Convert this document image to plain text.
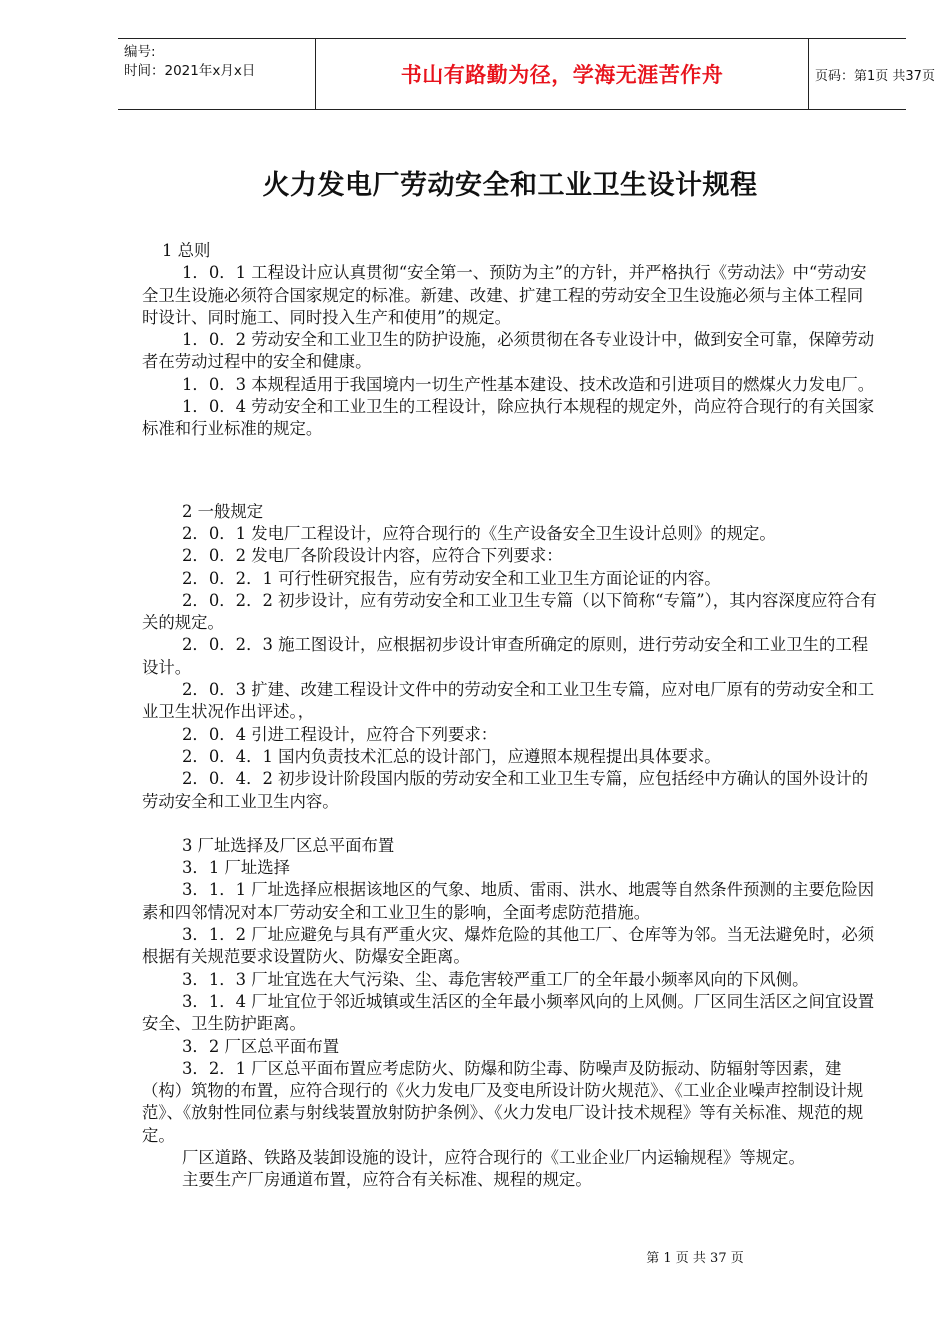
编号:
时间：2021年x月x日	书山有路勤为径，学海无涯苦作舟	页码：第1页 共37页
火力发电厂劳动安全和工业卫生设计规程

1 总则

1．0．1 工程设计应认真贯彻“安全第一、预防为主”的方针，并严格执行《劳动法》中“劳动安全卫生设施必须符合国家规定的标准。新建、改建、扩建工程的劳动安全卫生设施必须与主体工程同时设计、同时施工、同时投入生产和使用”的规定。

1．0．2 劳动安全和工业卫生的防护设施，必须贯彻在各专业设计中，做到安全可靠，保障劳动者在劳动过程中的安全和健康。

1．0．3 本规程适用于我国境内一切生产性基本建设、技术改造和引进项目的燃煤火力发电厂。

1．0．4 劳动安全和工业卫生的工程设计，除应执行本规程的规定外，尚应符合现行的有关国家标准和行业标准的规定。

2 一般规定

2．0．1 发电厂工程设计，应符合现行的《生产设备安全卫生设计总则》的规定。

2．0．2 发电厂各阶段设计内容，应符合下列要求：

2．0．2．1 可行性研究报告，应有劳动安全和工业卫生方面论证的内容。

2．0．2．2 初步设计，应有劳动安全和工业卫生专篇（以下简称“专篇”），其内容深度应符合有关的规定。

2．0．2．3 施工图设计，应根据初步设计审查所确定的原则，进行劳动安全和工业卫生的工程设计。

2．0．3 扩建、改建工程设计文件中的劳动安全和工业卫生专篇，应对电厂原有的劳动安全和工业卫生状况作出评述。，

2．0．4 引进工程设计，应符合下列要求：

2．0．4．1 国内负责技术汇总的设计部门，应遵照本规程提出具体要求。

2．0．4．2 初步设计阶段国内版的劳动安全和工业卫生专篇，应包括经中方确认的国外设计的劳动安全和工业卫生内容。

3 厂址选择及厂区总平面布置

3．1 厂址选择

3．1．1 厂址选择应根据该地区的气象、地质、雷雨、洪水、地震等自然条件预测的主要危险因素和四邻情况对本厂劳动安全和工业卫生的影响，全面考虑防范措施。

3．1．2 厂址应避免与具有严重火灾、爆炸危险的其他工厂、仓库等为邻。当无法避免时，必须根据有关规范要求设置防火、防爆安全距离。

3．1．3 厂址宜选在大气污染、尘、毒危害较严重工厂的全年最小频率风向的下风侧。

3．1．4 厂址宜位于邻近城镇或生活区的全年最小频率风向的上风侧。厂区同生活区之间宜设置安全、卫生防护距离。

3．2 厂区总平面布置

3．2．1 厂区总平面布置应考虑防火、防爆和防尘毒、防噪声及防振动、防辐射等因素，建（构）筑物的布置，应符合现行的《火力发电厂及变电所设计防火规范》、《工业企业噪声控制设计规范》、《放射性同位素与射线装置放射防护条例》、《火力发电厂设计技术规程》等有关标准、规范的规定。

厂区道路、铁路及装卸设施的设计，应符合现行的《工业企业厂内运输规程》等规定。

主要生产厂房通道布置，应符合有关标准、规程的规定。

第 1 页 共 37 页
